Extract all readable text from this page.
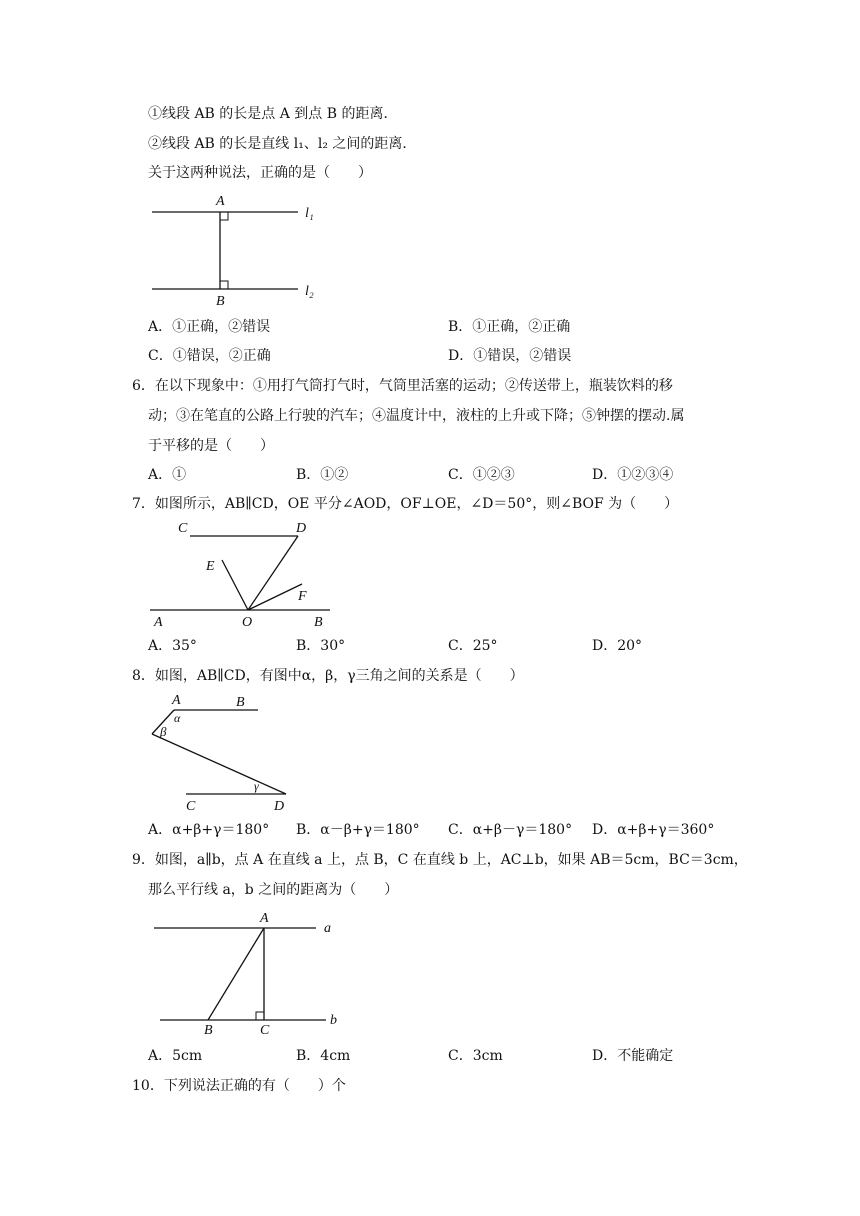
①线段 AB 的长是点 A 到点 B 的距离．
②线段 AB 的长是直线 l₁、l₂ 之间的距离．
关于这两种说法，正确的是（　　）
A
B
l₁
l₂
A．①正确，②错误	B．①正确，②正确
C．①错误，②正确	D．①错误，②错误
6．在以下现象中：①用打气筒打气时，气筒里活塞的运动；②传送带上，瓶装饮料的移
动；③在笔直的公路上行驶的汽车；④温度计中，液柱的上升或下降；⑤钟摆的摆动.属
于平移的是（　　）
A．①	B．①②	C．①②③	D．①②③④
7．如图所示，AB∥CD，OE 平分∠AOD，OF⊥OE，∠D＝50°，则∠BOF 为（　　）
C	D
E
F
A	O	B
A．35°	B．30°	C．25°	D．20°
8．如图，AB∥CD，有图中α，β，γ三角之间的关系是（　　）
A	B
α
β
γ
C	D
A．α+β+γ＝180° B．α－β+γ＝180° C．α+β－γ＝180° D．α+β+γ＝360°
9．如图，a∥b，点 A 在直线 a 上，点 B，C 在直线 b 上，AC⊥b，如果 AB＝5cm，BC＝3cm，
那么平行线 a，b 之间的距离为（　　）
A
a
B	C
b
A．5cm	B．4cm	C．3cm	D．不能确定
10．下列说法正确的有（　　）个
